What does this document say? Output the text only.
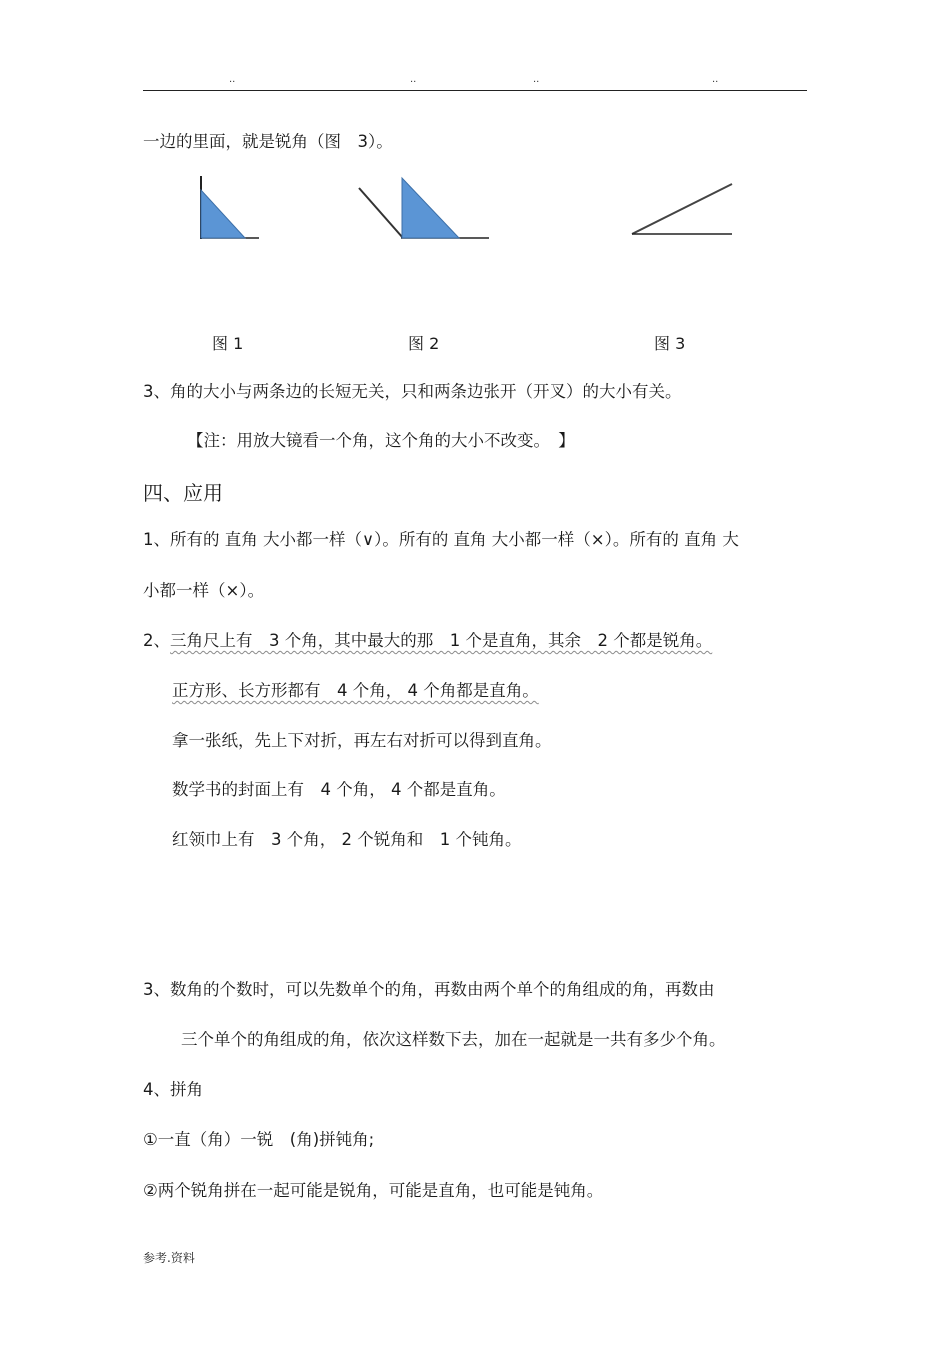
..	..	..	..
一边的里面，就是锐角（图　3）。
图 1	图 2	图 3
3、角的大小与两条边的长短无关，只和两条边张开（开叉）的大小有关。
【注：用放大镜看一个角，这个角的大小不改变。　】
四、应用
1、所有的 直角 大小都一样（∨）。所有的 直角 大小都一样（×）。所有的 直角 大
小都一样（×）。
2、三角尺上有　3 个角，其中最大的那　1 个是直角，其余　2 个都是锐角。
正方形、长方形都有　4 个角， 4 个角都是直角。
拿一张纸，先上下对折，再左右对折可以得到直角。
数学书的封面上有　4 个角， 4 个都是直角。
红领巾上有　3 个角， 2 个锐角和　1 个钝角。
3、数角的个数时，可以先数单个的角，再数由两个单个的角组成的角，再数由
三个单个的角组成的角，依次这样数下去，加在一起就是一共有多少个角。
4、拼角
①一直（角）一锐　(角)拼钝角;
②两个锐角拼在一起可能是锐角，可能是直角，也可能是钝角。
参考.资料
